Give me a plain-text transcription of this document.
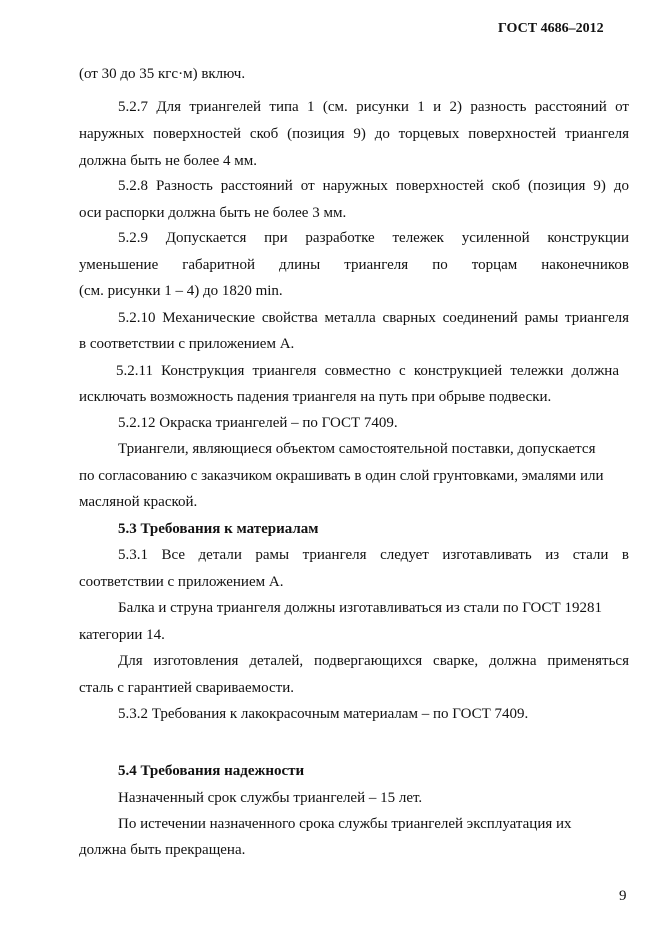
ГОСТ 4686–2012
(от 30 до 35 кгс·м) включ.
5.2.7 Для триангелей типа 1 (см. рисунки 1 и 2) разность расстояний от
наружных поверхностей скоб (позиция 9) до торцевых поверхностей триангеля
должна быть не более 4 мм.
5.2.8 Разность расстояний от наружных поверхностей скоб (позиция 9) до
оси распорки должна быть не более 3 мм.
5.2.9 Допускается при разработке тележек усиленной конструкции
уменьшение габаритной длины триангеля по торцам наконечников
(см. рисунки 1 – 4) до 1820 min.
5.2.10 Механические свойства металла сварных соединений рамы триангеля
в соответствии с приложением А.
5.2.11 Конструкция триангеля совместно с конструкцией тележки должна
исключать возможность падения триангеля на путь при обрыве подвески.
5.2.12 Окраска триангелей – по ГОСТ 7409.
Триангели, являющиеся объектом самостоятельной поставки, допускается
по согласованию с заказчиком окрашивать в один слой грунтовками, эмалями или
масляной краской.
5.3 Требования к материалам
5.3.1 Все детали рамы триангеля следует изготавливать из стали в
соответствии с приложением А.
Балка и струна триангеля должны изготавливаться из стали по ГОСТ 19281
категории 14.
Для изготовления деталей, подвергающихся сварке, должна применяться
сталь с гарантией свариваемости.
5.3.2 Требования к лакокрасочным материалам – по ГОСТ 7409.
5.4 Требования надежности
Назначенный срок службы триангелей – 15 лет.
По истечении назначенного срока службы триангелей эксплуатация их
должна быть прекращена.
9
